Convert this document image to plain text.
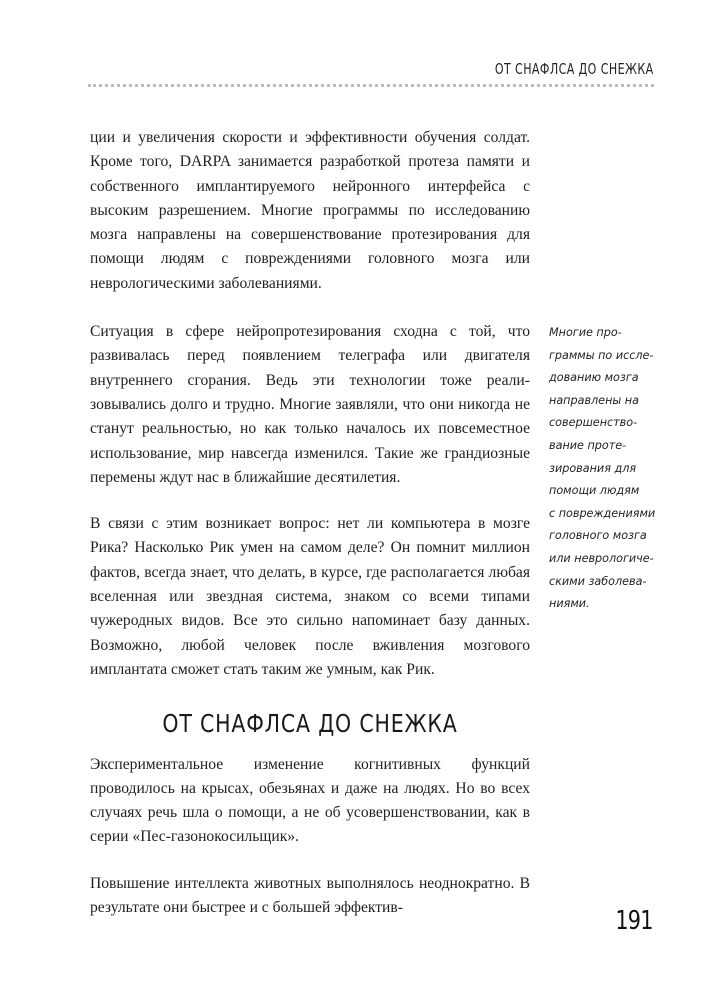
ОТ СНАФЛСА ДО СНЕЖКА

ции и увеличения скорости и эффективности обучения солдат. Кроме того, DARPA занимается разработкой протеза памяти и собственного имплантируемого нейронного интерфейса с высоким разрешением. Многие программы по исследованию мозга направлены на совершенствование протезирования для помощи людям с повреждениями головного мозга или неврологическими заболеваниями.

Ситуация в сфере нейропротезирования сходна с той, что развивалась перед появлением телеграфа или двигателя внутреннего сгорания. Ведь эти технологии тоже реализовывались долго и трудно. Многие заявляли, что они никогда не станут реальностью, но как только началось их повсеместное использование, мир навсегда изменился. Такие же грандиозные перемены ждут нас в ближайшие десятилетия.

В связи с этим возникает вопрос: нет ли компьютера в мозге Рика? Насколько Рик умен на самом деле? Он помнит миллион фактов, всегда знает, что делать, в курсе, где располагается любая вселенная или звездная система, знаком со всеми типами чужеродных видов. Все это сильно напоминает базу данных. Возможно, любой человек после вживления мозгового имплантата сможет стать таким же умным, как Рик.

ОТ СНАФЛСА ДО СНЕЖКА

Экспериментальное изменение когнитивных функций проводилось на крысах, обезьянах и даже на людях. Но во всех случаях речь шла о помощи, а не об усовершенствовании, как в серии «Пес-газонокосильщик».

Повышение интеллекта животных выполнялось неоднократно. В результате они быстрее и с большей эффектив-

Многие про-
граммы по иссле-
дованию мозга
направлены на
совершенство-
вание проте-
зирования для
помощи людям
с повреждениями
головного мозга
или неврологиче-
скими заболева-
ниями.
191
